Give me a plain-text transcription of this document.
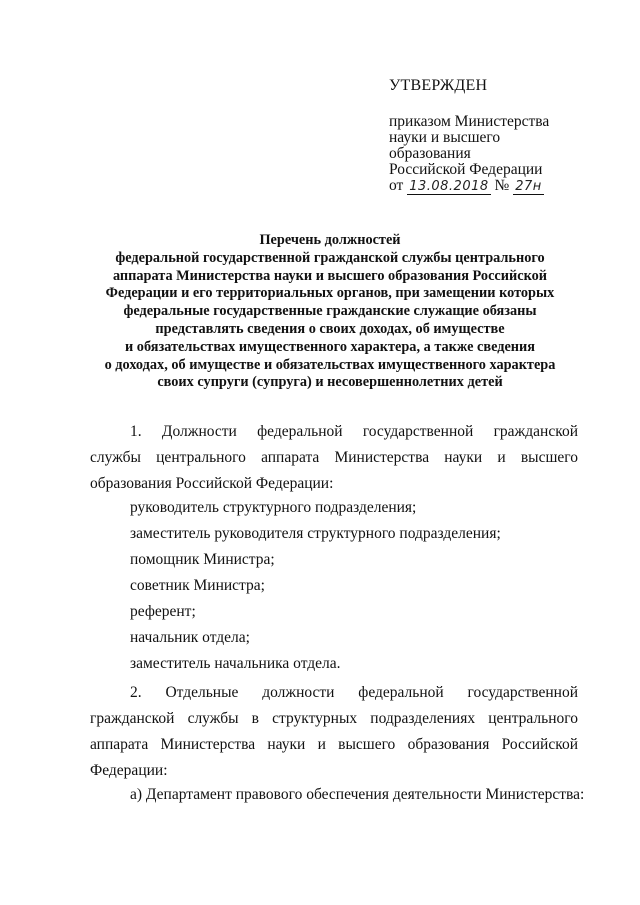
УТВЕРЖДЕН
приказом Министерства
науки и высшего
образования
Российской Федерации
от 13.08.2018 № 27н
Перечень должностей
федеральной государственной гражданской службы центрального
аппарата Министерства науки и высшего образования Российской
Федерации и его территориальных органов, при замещении которых
федеральные государственные гражданские служащие обязаны
представлять сведения о своих доходах, об имуществе
и обязательствах имущественного характера, а также сведения
о доходах, об имуществе и обязательствах имущественного характера
своих супруги (супруга) и несовершеннолетних детей
1. Должности федеральной государственной гражданской
службы центрального аппарата Министерства науки и высшего
образования Российской Федерации:
руководитель структурного подразделения;
заместитель руководителя структурного подразделения;
помощник Министра;
советник Министра;
референт;
начальник отдела;
заместитель начальника отдела.
2. Отдельные должности федеральной государственной
гражданской службы в структурных подразделениях центрального
аппарата Министерства науки и высшего образования Российской
Федерации:
а) Департамент правового обеспечения деятельности Министерства:
